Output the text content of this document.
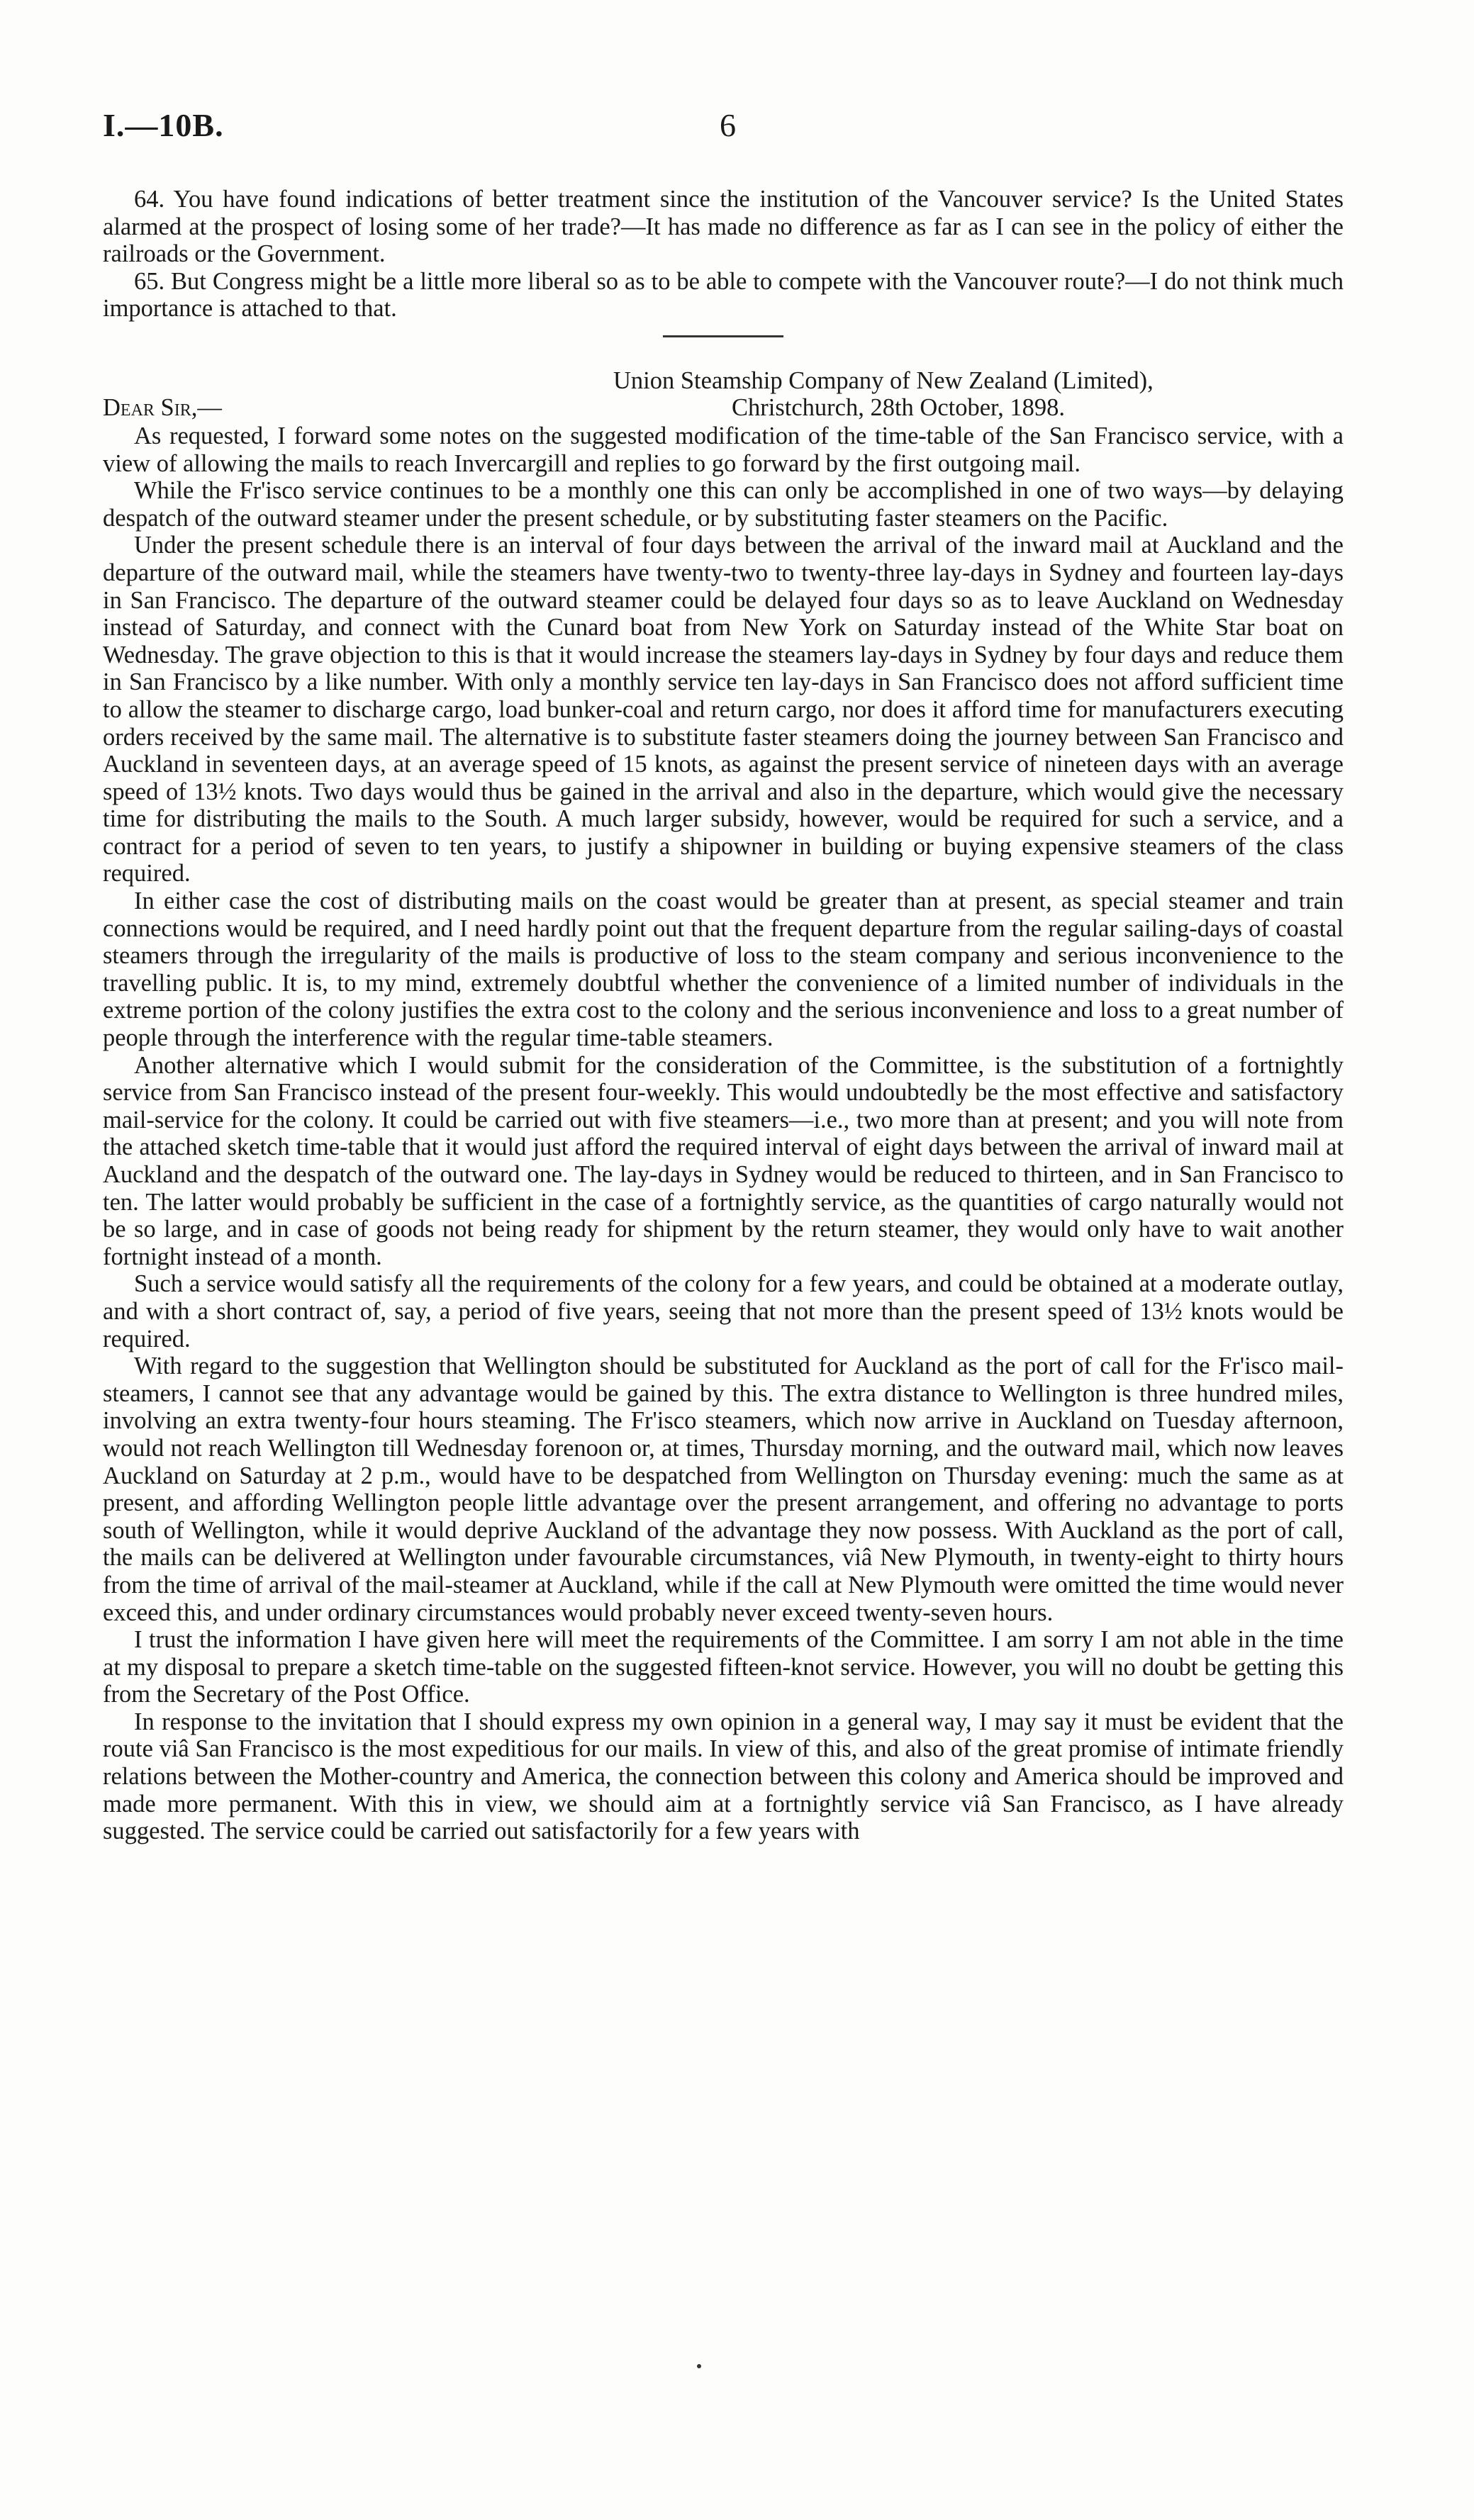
I.—10B.	6

64. You have found indications of better treatment since the institution of the Vancouver service? Is the United States alarmed at the prospect of losing some of her trade?—It has made no difference as far as I can see in the policy of either the railroads or the Government.

65. But Congress might be a little more liberal so as to be able to compete with the Vancouver route?—I do not think much importance is attached to that.

Union Steamship Company of New Zealand (Limited),
Dear Sir,—	Christchurch, 28th October, 1898.

As requested, I forward some notes on the suggested modification of the time-table of the San Francisco service, with a view of allowing the mails to reach Invercargill and replies to go forward by the first outgoing mail.

While the Fr'isco service continues to be a monthly one this can only be accomplished in one of two ways—by delaying despatch of the outward steamer under the present schedule, or by substituting faster steamers on the Pacific.

Under the present schedule there is an interval of four days between the arrival of the inward mail at Auckland and the departure of the outward mail, while the steamers have twenty-two to twenty-three lay-days in Sydney and fourteen lay-days in San Francisco. The departure of the outward steamer could be delayed four days so as to leave Auckland on Wednesday instead of Saturday, and connect with the Cunard boat from New York on Saturday instead of the White Star boat on Wednesday. The grave objection to this is that it would increase the steamers lay-days in Sydney by four days and reduce them in San Francisco by a like number. With only a monthly service ten lay-days in San Francisco does not afford sufficient time to allow the steamer to discharge cargo, load bunker-coal and return cargo, nor does it afford time for manufacturers executing orders received by the same mail. The alternative is to substitute faster steamers doing the journey between San Francisco and Auckland in seventeen days, at an average speed of 15 knots, as against the present service of nineteen days with an average speed of 13½ knots. Two days would thus be gained in the arrival and also in the departure, which would give the necessary time for distributing the mails to the South. A much larger subsidy, however, would be required for such a service, and a contract for a period of seven to ten years, to justify a shipowner in building or buying expensive steamers of the class required.

In either case the cost of distributing mails on the coast would be greater than at present, as special steamer and train connections would be required, and I need hardly point out that the frequent departure from the regular sailing-days of coastal steamers through the irregularity of the mails is productive of loss to the steam company and serious inconvenience to the travelling public. It is, to my mind, extremely doubtful whether the convenience of a limited number of individuals in the extreme portion of the colony justifies the extra cost to the colony and the serious inconvenience and loss to a great number of people through the interference with the regular time-table steamers.

Another alternative which I would submit for the consideration of the Committee, is the substitution of a fortnightly service from San Francisco instead of the present four-weekly. This would undoubtedly be the most effective and satisfactory mail-service for the colony. It could be carried out with five steamers—i.e., two more than at present; and you will note from the attached sketch time-table that it would just afford the required interval of eight days between the arrival of inward mail at Auckland and the despatch of the outward one. The lay-days in Sydney would be reduced to thirteen, and in San Francisco to ten. The latter would probably be sufficient in the case of a fortnightly service, as the quantities of cargo naturally would not be so large, and in case of goods not being ready for shipment by the return steamer, they would only have to wait another fortnight instead of a month.

Such a service would satisfy all the requirements of the colony for a few years, and could be obtained at a moderate outlay, and with a short contract of, say, a period of five years, seeing that not more than the present speed of 13½ knots would be required.

With regard to the suggestion that Wellington should be substituted for Auckland as the port of call for the Fr'isco mail-steamers, I cannot see that any advantage would be gained by this. The extra distance to Wellington is three hundred miles, involving an extra twenty-four hours steaming. The Fr'isco steamers, which now arrive in Auckland on Tuesday afternoon, would not reach Wellington till Wednesday forenoon or, at times, Thursday morning, and the outward mail, which now leaves Auckland on Saturday at 2 p.m., would have to be despatched from Wellington on Thursday evening: much the same as at present, and affording Wellington people little advantage over the present arrangement, and offering no advantage to ports south of Wellington, while it would deprive Auckland of the advantage they now possess. With Auckland as the port of call, the mails can be delivered at Wellington under favourable circumstances, viâ New Plymouth, in twenty-eight to thirty hours from the time of arrival of the mail-steamer at Auckland, while if the call at New Plymouth were omitted the time would never exceed this, and under ordinary circumstances would probably never exceed twenty-seven hours.

I trust the information I have given here will meet the requirements of the Committee. I am sorry I am not able in the time at my disposal to prepare a sketch time-table on the suggested fifteen-knot service. However, you will no doubt be getting this from the Secretary of the Post Office.

In response to the invitation that I should express my own opinion in a general way, I may say it must be evident that the route viâ San Francisco is the most expeditious for our mails. In view of this, and also of the great promise of intimate friendly relations between the Mother-country and America, the connection between this colony and America should be improved and made more permanent. With this in view, we should aim at a fortnightly service viâ San Francisco, as I have already suggested. The service could be carried out satisfactorily for a few years with
